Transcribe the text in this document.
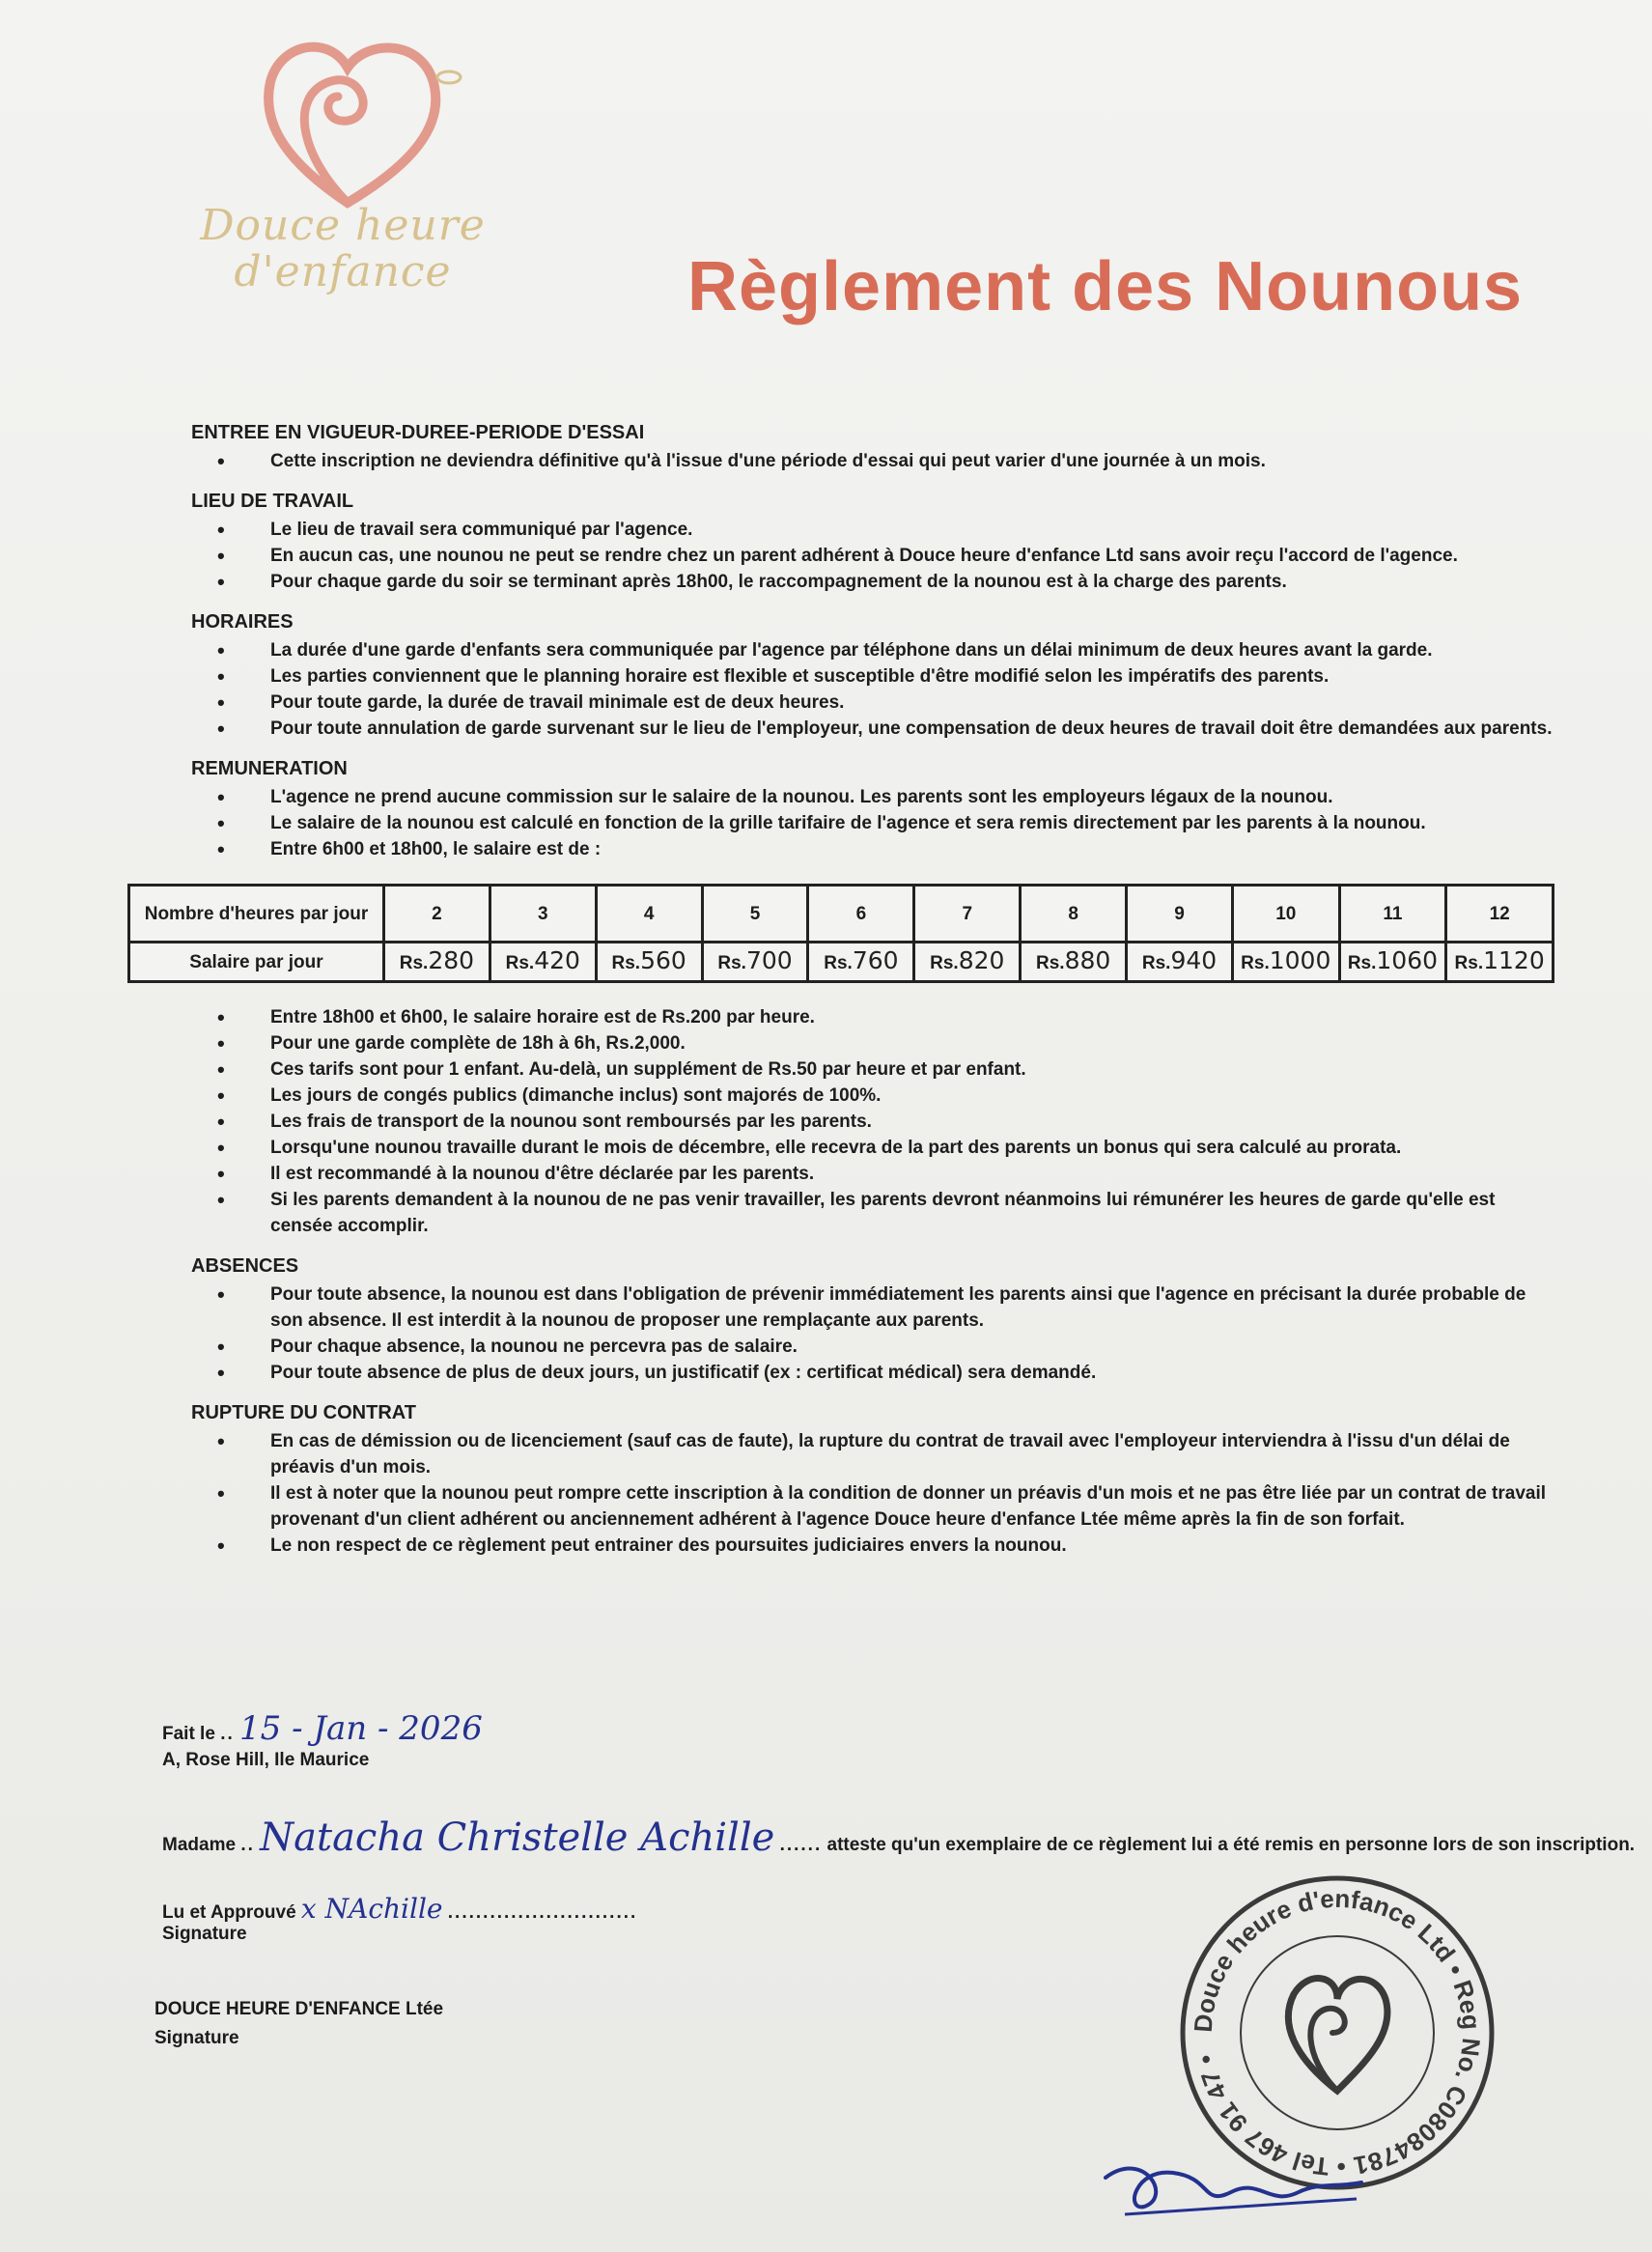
Douce heure
d'enfance	Règlement des Nounous
ENTREE EN VIGUEUR-DUREE-PERIODE D'ESSAI
• Cette inscription ne deviendra définitive qu'à l'issue d'une période d'essai qui peut varier d'une journée à un mois.
LIEU DE TRAVAIL
• Le lieu de travail sera communiqué par l'agence.
• En aucun cas, une nounou ne peut se rendre chez un parent adhérent à Douce heure d'enfance Ltd sans avoir reçu l'accord de l'agence.
• Pour chaque garde du soir se terminant après 18h00, le raccompagnement de la nounou est à la charge des parents.
HORAIRES
• La durée d'une garde d'enfants sera communiquée par l'agence par téléphone dans un délai minimum de deux heures avant la garde.
• Les parties conviennent que le planning horaire est flexible et susceptible d'être modifié selon les impératifs des parents.
• Pour toute garde, la durée de travail minimale est de deux heures.
• Pour toute annulation de garde survenant sur le lieu de l'employeur, une compensation de deux heures de travail doit être demandées aux parents.
REMUNERATION
• L'agence ne prend aucune commission sur le salaire de la nounou. Les parents sont les employeurs légaux de la nounou.
• Le salaire de la nounou est calculé en fonction de la grille tarifaire de l'agence et sera remis directement par les parents à la nounou.
• Entre 6h00 et 18h00, le salaire est de :
Nombre d'heures par jour	2	3	4	5	6	7	8	9	10	11	12
Salaire par jour	Rs.280	Rs.420	Rs.560	Rs.700	Rs.760	Rs.820	Rs.880	Rs.940	Rs.1000	Rs.1060	Rs.1120
• Entre 18h00 et 6h00, le salaire horaire est de Rs.200 par heure.
• Pour une garde complète de 18h à 6h, Rs.2,000.
• Ces tarifs sont pour 1 enfant. Au-delà, un supplément de Rs.50 par heure et par enfant.
• Les jours de congés publics (dimanche inclus) sont majorés de 100%.
• Les frais de transport de la nounou sont remboursés par les parents.
• Lorsqu'une nounou travaille durant le mois de décembre, elle recevra de la part des parents un bonus qui sera calculé au prorata.
• Il est recommandé à la nounou d'être déclarée par les parents.
• Si les parents demandent à la nounou de ne pas venir travailler, les parents devront néanmoins lui rémunérer les heures de garde qu'elle est censée accomplir.
ABSENCES
• Pour toute absence, la nounou est dans l'obligation de prévenir immédiatement les parents ainsi que l'agence en précisant la durée probable de son absence. Il est interdit à la nounou de proposer une remplaçante aux parents.
• Pour chaque absence, la nounou ne percevra pas de salaire.
• Pour toute absence de plus de deux jours, un justificatif (ex : certificat médical) sera demandé.
RUPTURE DU CONTRAT
• En cas de démission ou de licenciement (sauf cas de faute), la rupture du contrat de travail avec l'employeur interviendra à l'issu d'un délai de préavis d'un mois.
• Il est à noter que la nounou peut rompre cette inscription à la condition de donner un préavis d'un mois et ne pas être liée par un contrat de travail provenant d'un client adhérent ou anciennement adhérent à l'agence Douce heure d'enfance Ltée même après la fin de son forfait.
• Le non respect de ce règlement peut entrainer des poursuites judiciaires envers la nounou.
Fait le .. 15 - Jan - 2026
A, Rose Hill, Ile Maurice
Madame .. Natacha Christelle Achille ...... atteste qu'un exemplaire de ce règlement lui a été remis en personne lors de son inscription.
Lu et Approuvé x NAchille ...........................
Signature
DOUCE HEURE D'ENFANCE Ltée
Signature
Douce heure d'enfance Ltd • Reg No. C08084781 • Tel 467 91 47 •
